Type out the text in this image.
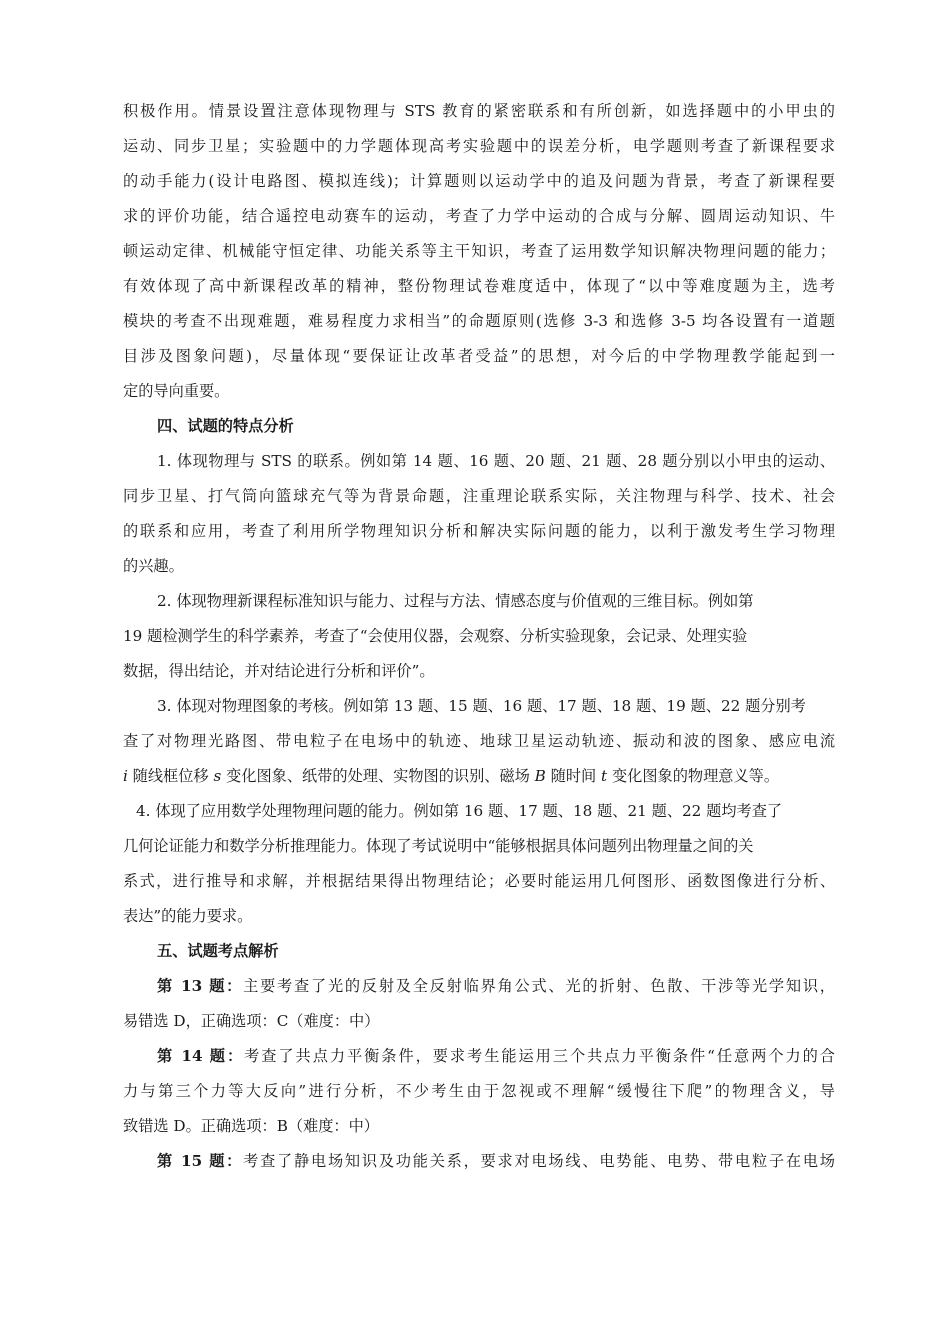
积极作用。情景设置注意体现物理与 STS 教育的紧密联系和有所创新，如选择题中的小甲虫的
运动、同步卫星；实验题中的力学题体现高考实验题中的误差分析，电学题则考查了新课程要求
的动手能力(设计电路图、模拟连线)；计算题则以运动学中的追及问题为背景，考查了新课程要
求的评价功能，结合遥控电动赛车的运动，考查了力学中运动的合成与分解、圆周运动知识、牛
顿运动定律、机械能守恒定律、功能关系等主干知识，考查了运用数学知识解决物理问题的能力；
有效体现了高中新课程改革的精神，整份物理试卷难度适中，体现了“以中等难度题为主，选考
模块的考查不出现难题，难易程度力求相当”的命题原则(选修 3-3 和选修 3-5 均各设置有一道题
目涉及图象问题)，尽量体现“要保证让改革者受益”的思想，对今后的中学物理教学能起到一
定的导向重要。
四、试题的特点分析
1. 体现物理与 STS 的联系。例如第 14 题、16 题、20 题、21 题、28 题分别以小甲虫的运动、
同步卫星、打气筒向篮球充气等为背景命题，注重理论联系实际，关注物理与科学、技术、社会
的联系和应用，考查了利用所学物理知识分析和解决实际问题的能力，以利于激发考生学习物理
的兴趣。
2. 体现物理新课程标准知识与能力、过程与方法、情感态度与价值观的三维目标。例如第
19 题检测学生的科学素养，考查了“会使用仪器，会观察、分析实验现象，会记录、处理实验
数据，得出结论，并对结论进行分析和评价”。
3. 体现对物理图象的考核。例如第 13 题、15 题、16 题、17 题、18 题、19 题、22 题分别考
查了对物理光路图、带电粒子在电场中的轨迹、地球卫星运动轨迹、振动和波的图象、感应电流
i 随线框位移 s 变化图象、纸带的处理、实物图的识别、磁场 B 随时间 t 变化图象的物理意义等。
4. 体现了应用数学处理物理问题的能力。例如第 16 题、17 题、18 题、21 题、22 题均考查了
几何论证能力和数学分析推理能力。体现了考试说明中“能够根据具体问题列出物理量之间的关
系式，进行推导和求解，并根据结果得出物理结论；必要时能运用几何图形、函数图像进行分析、
表达”的能力要求。
五、试题考点解析
第 13 题：主要考查了光的反射及全反射临界角公式、光的折射、色散、干涉等光学知识，
易错选 D，正确选项：C（难度：中）
第 14 题：考查了共点力平衡条件，要求考生能运用三个共点力平衡条件“任意两个力的合
力与第三个力等大反向”进行分析，不少考生由于忽视或不理解“缓慢往下爬”的物理含义，导
致错选 D。正确选项：B（难度：中）
第 15 题：考查了静电场知识及功能关系，要求对电场线、电势能、电势、带电粒子在电场
